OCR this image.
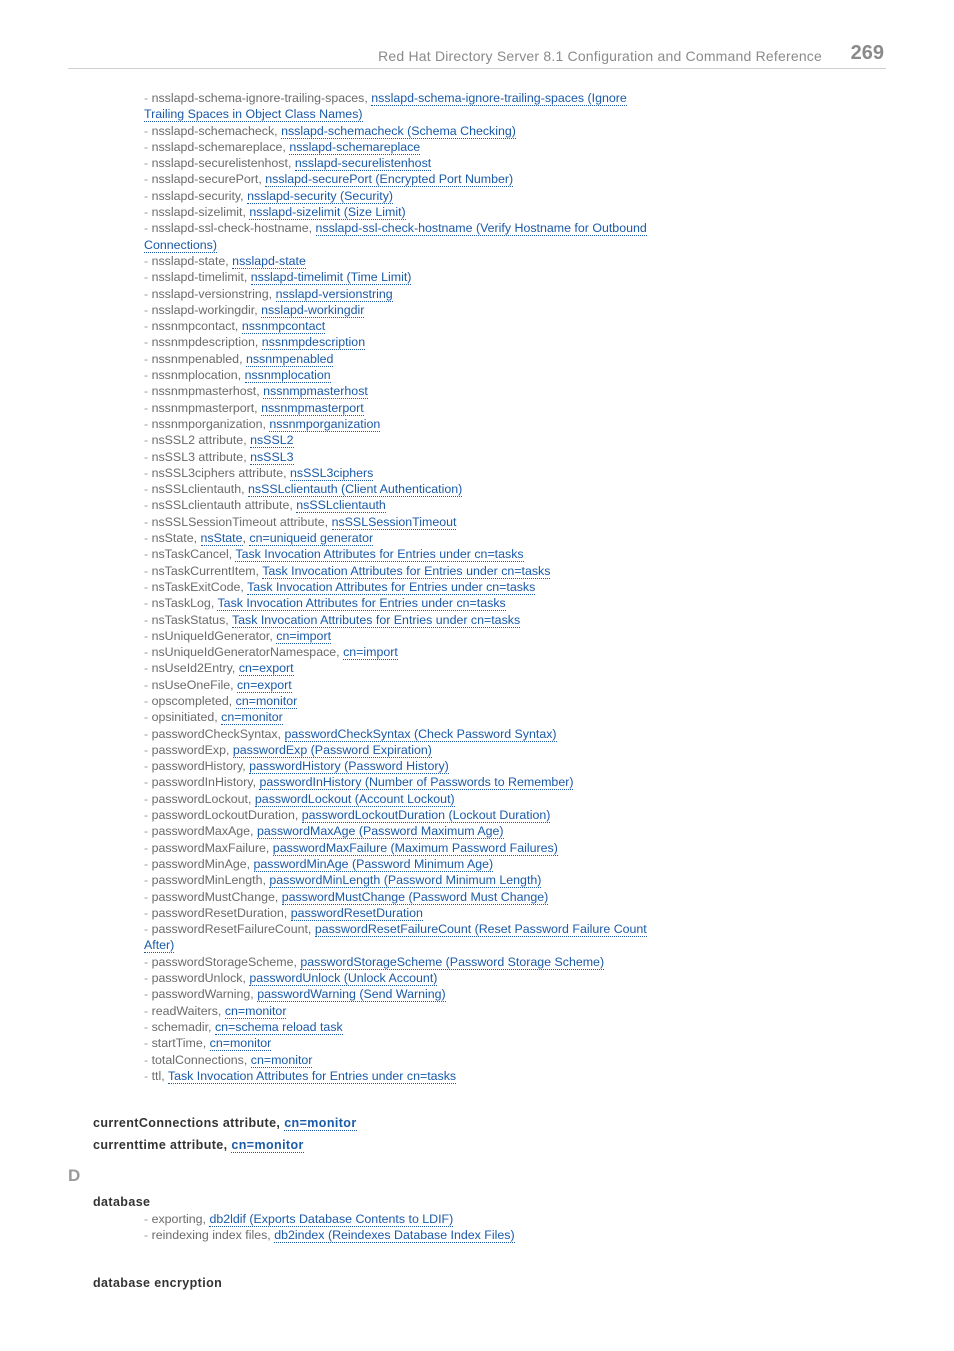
Red Hat Directory Server 8.1 Configuration and Command Reference 269
- nsslapd-schema-ignore-trailing-spaces, nsslapd-schema-ignore-trailing-spaces (Ignore Trailing Spaces in Object Class Names)
- nsslapd-schemacheck, nsslapd-schemacheck (Schema Checking)
- nsslapd-schemareplace, nsslapd-schemareplace
- nsslapd-securelistenhost, nsslapd-securelistenhost
- nsslapd-securePort, nsslapd-securePort (Encrypted Port Number)
- nsslapd-security, nsslapd-security (Security)
- nsslapd-sizelimit, nsslapd-sizelimit (Size Limit)
- nsslapd-ssl-check-hostname, nsslapd-ssl-check-hostname (Verify Hostname for Outbound Connections)
- nsslapd-state, nsslapd-state
- nsslapd-timelimit, nsslapd-timelimit (Time Limit)
- nsslapd-versionstring, nsslapd-versionstring
- nsslapd-workingdir, nsslapd-workingdir
- nssnmpcontact, nssnmpcontact
- nssnmpdescription, nssnmpdescription
- nssnmpenabled, nssnmpenabled
- nssnmplocation, nssnmplocation
- nssnmpmasterhost, nssnmpmasterhost
- nssnmpmasterport, nssnmpmasterport
- nssnmporganization, nssnmporganization
- nsSSL2 attribute, nsSSL2
- nsSSL3 attribute, nsSSL3
- nsSSL3ciphers attribute, nsSSL3ciphers
- nsSSLclientauth, nsSSLclientauth (Client Authentication)
- nsSSLclientauth attribute, nsSSLclientauth
- nsSSLSessionTimeout attribute, nsSSLSessionTimeout
- nsState, nsState, cn=uniqueid generator
- nsTaskCancel, Task Invocation Attributes for Entries under cn=tasks
- nsTaskCurrentItem, Task Invocation Attributes for Entries under cn=tasks
- nsTaskExitCode, Task Invocation Attributes for Entries under cn=tasks
- nsTaskLog, Task Invocation Attributes for Entries under cn=tasks
- nsTaskStatus, Task Invocation Attributes for Entries under cn=tasks
- nsUniqueIdGenerator, cn=import
- nsUniqueIdGeneratorNamespace, cn=import
- nsUseId2Entry, cn=export
- nsUseOneFile, cn=export
- opscompleted, cn=monitor
- opsinitiated, cn=monitor
- passwordCheckSyntax, passwordCheckSyntax (Check Password Syntax)
- passwordExp, passwordExp (Password Expiration)
- passwordHistory, passwordHistory (Password History)
- passwordInHistory, passwordInHistory (Number of Passwords to Remember)
- passwordLockout, passwordLockout (Account Lockout)
- passwordLockoutDuration, passwordLockoutDuration (Lockout Duration)
- passwordMaxAge, passwordMaxAge (Password Maximum Age)
- passwordMaxFailure, passwordMaxFailure (Maximum Password Failures)
- passwordMinAge, passwordMinAge (Password Minimum Age)
- passwordMinLength, passwordMinLength (Password Minimum Length)
- passwordMustChange, passwordMustChange (Password Must Change)
- passwordResetDuration, passwordResetDuration
- passwordResetFailureCount, passwordResetFailureCount (Reset Password Failure Count After)
- passwordStorageScheme, passwordStorageScheme (Password Storage Scheme)
- passwordUnlock, passwordUnlock (Unlock Account)
- passwordWarning, passwordWarning (Send Warning)
- readWaiters, cn=monitor
- schemadir, cn=schema reload task
- startTime, cn=monitor
- totalConnections, cn=monitor
- ttl, Task Invocation Attributes for Entries under cn=tasks
currentConnections attribute, cn=monitor
currenttime attribute, cn=monitor
D
database
- exporting, db2ldif (Exports Database Contents to LDIF)
- reindexing index files, db2index (Reindexes Database Index Files)
database encryption
